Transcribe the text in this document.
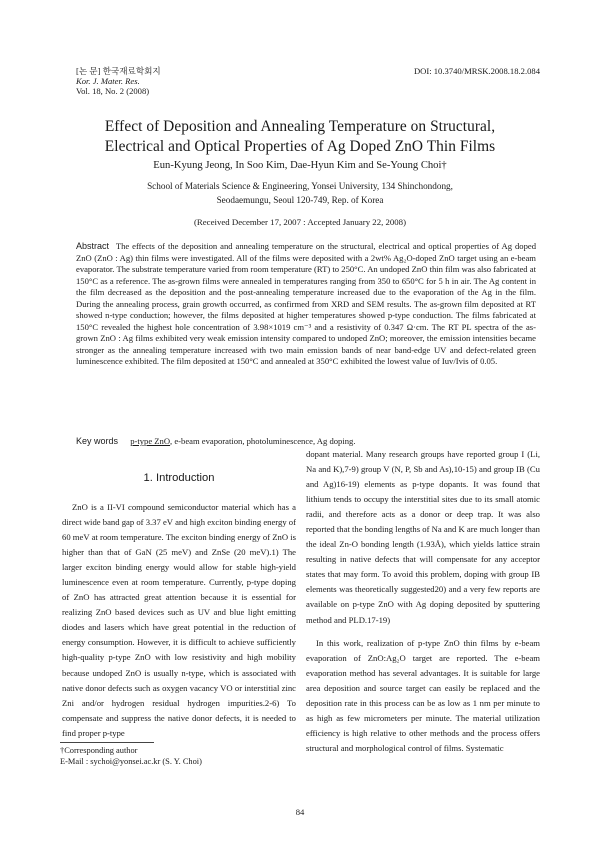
[논 문] 한국재료학회지
Kor. J. Mater. Res.
Vol. 18, No. 2 (2008)
DOI: 10.3740/MRSK.2008.18.2.084
Effect of Deposition and Annealing Temperature on Structural,
Electrical and Optical Properties of Ag Doped ZnO Thin Films
Eun-Kyung Jeong, In Soo Kim, Dae-Hyun Kim and Se-Young Choi†
School of Materials Science & Engineering, Yonsei University, 134 Shinchondong,
Seodaemungu, Seoul 120-749, Rep. of Korea
(Received December 17, 2007 : Accepted January 22, 2008)
Abstract The effects of the deposition and annealing temperature on the structural, electrical and optical properties of Ag doped ZnO (ZnO : Ag) thin films were investigated. All of the films were deposited with a 2wt% Ag₂O-doped ZnO target using an e-beam evaporator. The substrate temperature varied from room temperature (RT) to 250°C. An undoped ZnO thin film was also fabricated at 150°C as a reference. The as-grown films were annealed in temperatures ranging from 350 to 650°C for 5 h in air. The Ag content in the film decreased as the deposition and the post-annealing temperature increased due to the evaporation of the Ag in the film. During the annealing process, grain growth occurred, as confirmed from XRD and SEM results. The as-grown film deposited at RT showed n-type conduction; however, the films deposited at higher temperatures showed p-type conduction. The films fabricated at 150°C revealed the highest hole concentration of 3.98×1019 cm⁻³ and a resistivity of 0.347 Ω·cm. The RT PL spectra of the as-grown ZnO : Ag films exhibited very weak emission intensity compared to undoped ZnO; moreover, the emission intensities became stronger as the annealing temperature increased with two main emission bands of near band-edge UV and defect-related green luminescence exhibited. The film deposited at 150°C and annealed at 350°C exhibited the lowest value of Iuv/Ivis of 0.05.
Key words p-type ZnO, e-beam evaporation, photoluminescence, Ag doping.
1. Introduction

ZnO is a II-VI compound semiconductor material which has a direct wide band gap of 3.37 eV and high exciton binding energy of 60 meV at room temperature. The exciton binding energy of ZnO is higher than that of GaN (25 meV) and ZnSe (20 meV).1) The larger exciton binding energy would allow for stable high-yield luminescence even at room temperature. Currently, p-type doping of ZnO has attracted great attention because it is essential for realizing ZnO based devices such as UV and blue light emitting diodes and lasers which have great potential in the reduction of energy consumption. However, it is difficult to achieve sufficiently high-quality p-type ZnO with low resistivity and high mobility because undoped ZnO is usually n-type, which is associated with native donor defects such as oxygen vacancy VO or interstitial zinc Zni and/or hydrogen residual hydrogen impurities.2-6) To compensate and suppress the native donor defects, it is needed to find proper p-type

dopant material. Many research groups have reported group I (Li, Na and K),7-9) group V (N, P, Sb and As),10-15) and group IB (Cu and Ag)16-19) elements as p-type dopants. It was found that lithium tends to occupy the interstitial sites due to its small atomic radii, and therefore acts as a donor or deep trap. It was also reported that the bonding lengths of Na and K are much longer than the ideal Zn-O bonding length (1.93Å), which yields lattice strain resulting in native defects that will compensate for any acceptor states that may form. To avoid this problem, doping with group IB elements was theoretically suggested20) and a very few reports are available on p-type ZnO with Ag doping deposited by sputtering method and PLD.17-19)

In this work, realization of p-type ZnO thin films by e-beam evaporation of ZnO:Ag₂O target are reported. The e-beam evaporation method has several advantages. It is suitable for large area deposition and source target can easily be replaced and the deposition rate in this process can be as low as 1 nm per minute to as high as few micrometers per minute. The material utilization efficiency is high relative to other methods and the process offers structural and morphological control of films. Systematic

†Corresponding author
E-Mail : sychoi@yonsei.ac.kr (S. Y. Choi)
84
